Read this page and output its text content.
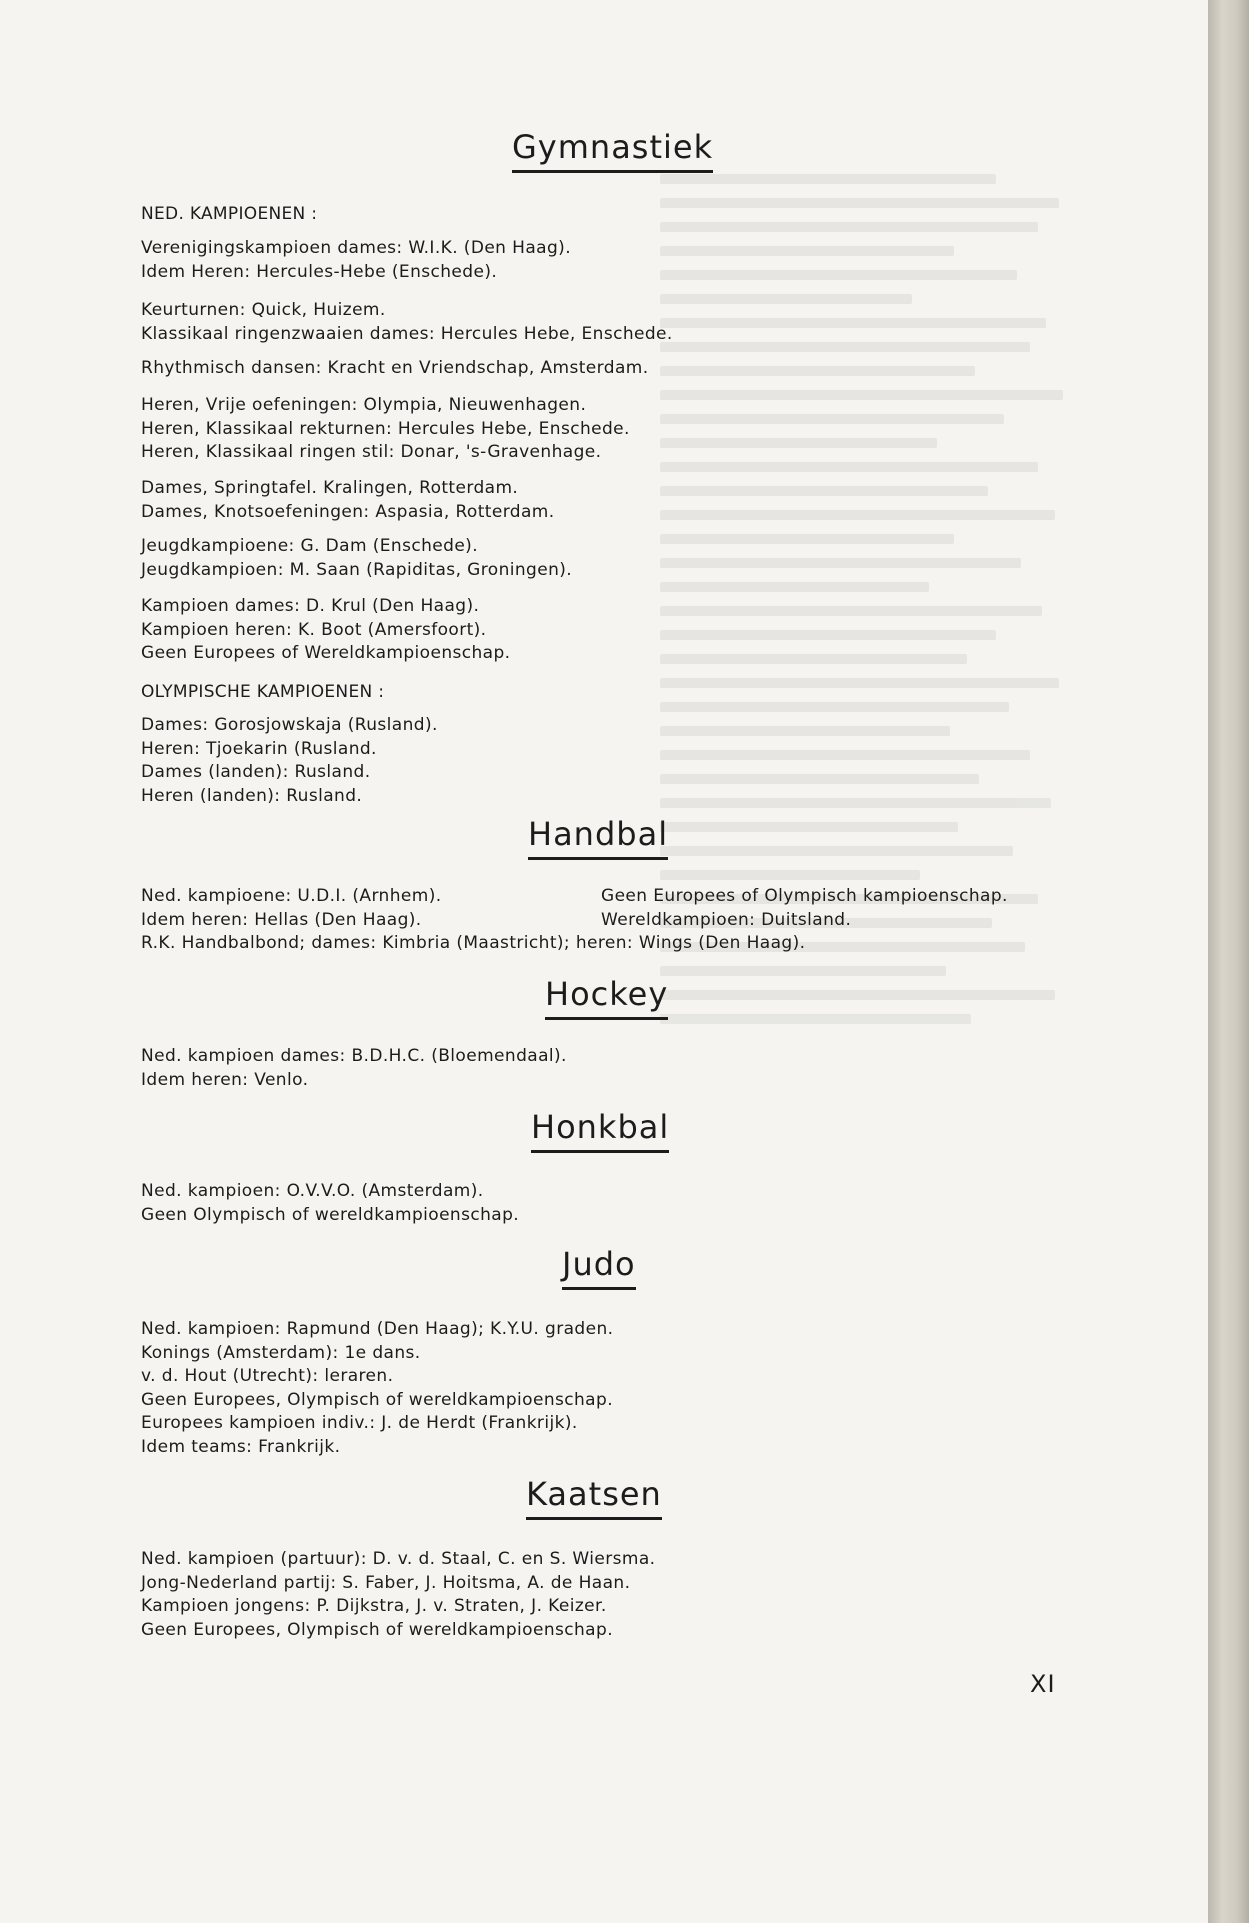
Gymnastiek
NED. KAMPIOENEN :
Verenigingskampioen dames: W.I.K. (Den Haag).
Idem Heren: Hercules-Hebe (Enschede).
Keurturnen: Quick, Huizem.
Klassikaal ringenzwaaien dames: Hercules Hebe, Enschede.
Rhythmisch dansen: Kracht en Vriendschap, Amsterdam.
Heren, Vrije oefeningen: Olympia, Nieuwenhagen.
Heren, Klassikaal rekturnen: Hercules Hebe, Enschede.
Heren, Klassikaal ringen stil: Donar, 's-Gravenhage.
Dames, Springtafel. Kralingen, Rotterdam.
Dames, Knotsoefeningen: Aspasia, Rotterdam.
Jeugdkampioene: G. Dam (Enschede).
Jeugdkampioen: M. Saan (Rapiditas, Groningen).
Kampioen dames: D. Krul (Den Haag).
Kampioen heren: K. Boot (Amersfoort).
Geen Europees of Wereldkampioenschap.
OLYMPISCHE KAMPIOENEN :
Dames: Gorosjowskaja (Rusland).
Heren: Tjoekarin (Rusland.
Dames (landen): Rusland.
Heren (landen): Rusland.
Handbal
Ned. kampioene: U.D.I. (Arnhem).
Idem heren: Hellas (Den Haag).
Geen Europees of Olympisch kampioenschap.
Wereldkampioen: Duitsland.
R.K. Handbalbond; dames: Kimbria (Maastricht); heren: Wings (Den Haag).
Hockey
Ned. kampioen dames: B.D.H.C. (Bloemendaal).
Idem heren: Venlo.
Honkbal
Ned. kampioen: O.V.V.O. (Amsterdam).
Geen Olympisch of wereldkampioenschap.
Judo
Ned. kampioen: Rapmund (Den Haag); K.Y.U. graden.
Konings (Amsterdam): 1e dans.
v. d. Hout (Utrecht): leraren.
Geen Europees, Olympisch of wereldkampioenschap.
Europees kampioen indiv.: J. de Herdt (Frankrijk).
Idem teams: Frankrijk.
Kaatsen
Ned. kampioen (partuur): D. v. d. Staal, C. en S. Wiersma.
Jong-Nederland partij: S. Faber, J. Hoitsma, A. de Haan.
Kampioen jongens: P. Dijkstra, J. v. Straten, J. Keizer.
Geen Europees, Olympisch of wereldkampioenschap.
XI
